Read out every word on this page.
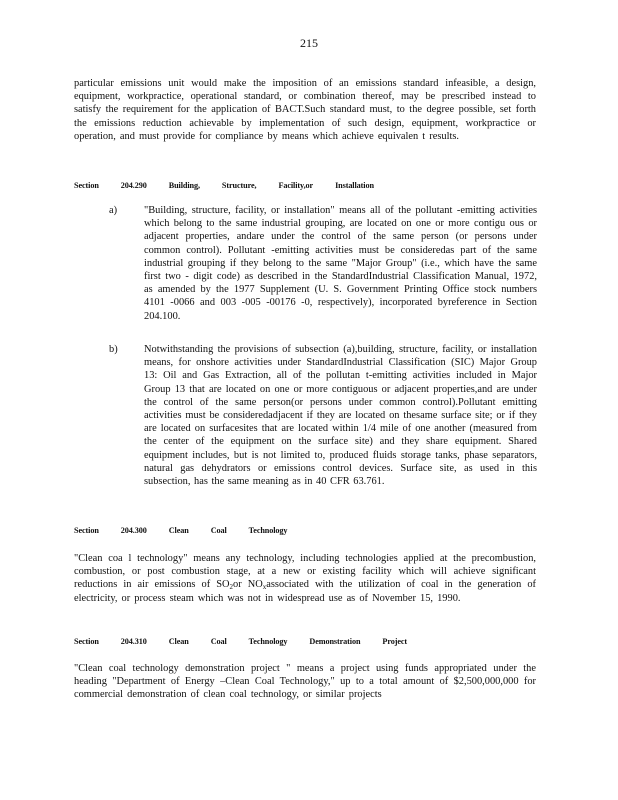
215
particular emissions unit would make the imposition of an emissions standard infeasible, a design, equipment, workpractice, operational standard, or combination thereof, may be prescribed instead to satisfy the requirement for the application of BACT.Such standard must, to the degree possible, set forth the emissions reduction achievable by implementation of such design, equipment, workpractice or operation, and must provide for compliance by means which achieve equivalen t results.
Section	204.290	Building,	Structure,	Facility,or	Installation
a)	"Building, structure, facility, or installation" means all of the pollutant -emitting activities which belong to the same industrial grouping, are located on one or more contigu ous or adjacent properties, andare under the control of the same person (or persons under common control). Pollutant -emitting activities must be consideredas part of the same industrial grouping if they belong to the same "Major Group" (i.e., which have the same first two - digit code) as described in the StandardIndustrial Classification Manual, 1972, as amended by the 1977 Supplement (U. S. Government Printing Office stock numbers 4101 -0066 and 003 -005 -00176 -0, respectively), incorporated byreference in Section 204.100.
b)	Notwithstanding the provisions of subsection (a),building, structure, facility, or installation means, for onshore activities under StandardIndustrial Classification (SIC) Major Group 13: Oil and Gas Extraction, all of the pollutan t-emitting activities included in Major Group 13 that are located on one or more contiguous or adjacent properties,and are under the control of the same person(or persons under common control).Pollutant emitting activities must be consideredadjacent if they are located on thesame surface site; or if they are located on surfacesites that are located within 1/4 mile of one another (measured from the center of the equipment on the surface site) and they share equipment. Shared equipment includes, but is not limited to, produced fluids storage tanks, phase separators, natural gas dehydrators or emissions control devices. Surface site, as used in this subsection, has the same meaning as in 40 CFR 63.761.
Section	204.300	Clean	Coal	Technology
"Clean coa l technology" means any technology, including technologies applied at the precombustion, combustion, or post combustion stage, at a new or existing facility which will achieve significant reductions in air emissions of $SO_2or$ $NO_xassociated$ with the utilization of coal in the generation of electricity, or process steam which was not in widespread use as of November 15, 1990.
Section	204.310	Clean	Coal	Technology	Demonstration	Project
"Clean coal technology demonstration project " means a project using funds appropriated under the heading "Department of Energy –Clean Coal Technology," up to a total amount of $2,500,000,000 for commercial demonstration of clean coal technology, or similar projects
